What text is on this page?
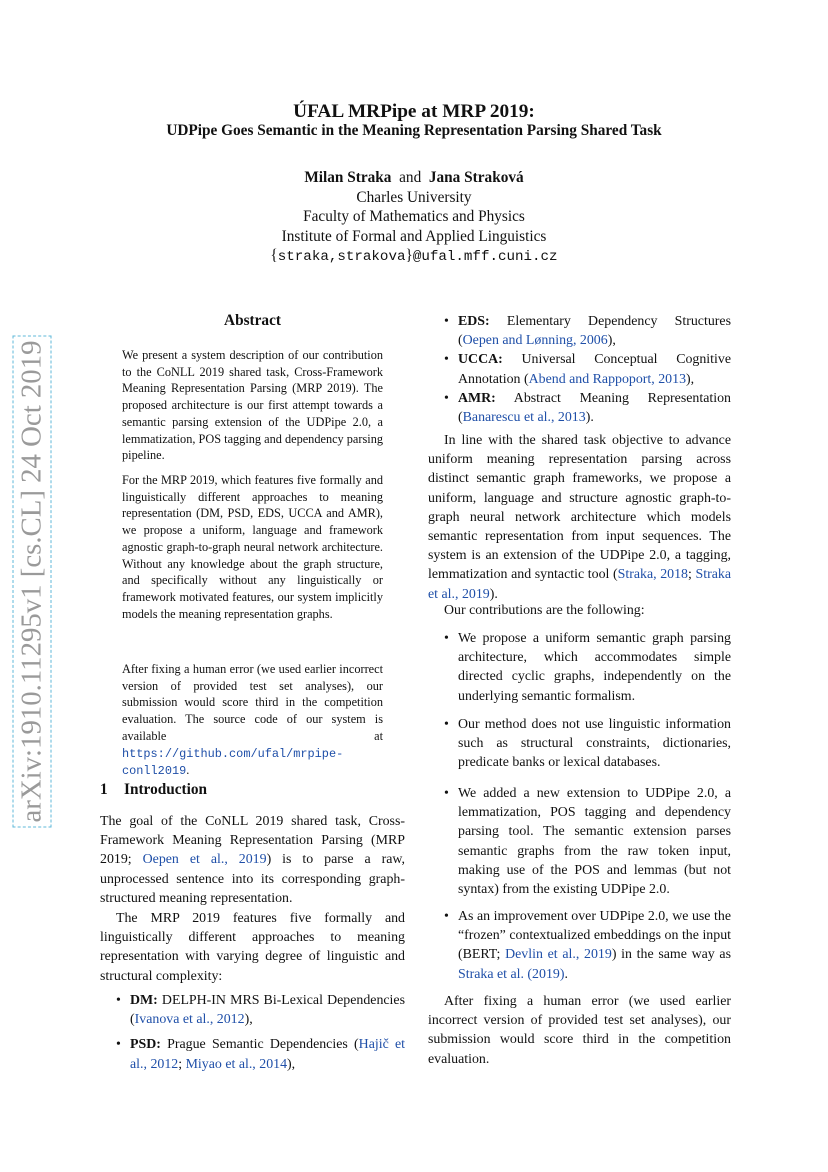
arXiv:1910.11295v1 [cs.CL] 24 Oct 2019
ÚFAL MRPipe at MRP 2019:
UDPipe Goes Semantic in the Meaning Representation Parsing Shared Task
Milan Straka and Jana Straková
Charles University
Faculty of Mathematics and Physics
Institute of Formal and Applied Linguistics
{straka,strakova}@ufal.mff.cuni.cz
Abstract

We present a system description of our contribution to the CoNLL 2019 shared task, Cross-Framework Meaning Representation Parsing (MRP 2019). The proposed architecture is our first attempt towards a semantic parsing extension of the UDPipe 2.0, a lemmatization, POS tagging and dependency parsing pipeline.

For the MRP 2019, which features five formally and linguistically different approaches to meaning representation (DM, PSD, EDS, UCCA and AMR), we propose a uniform, language and framework agnostic graph-to-graph neural network architecture. Without any knowledge about the graph structure, and specifically without any linguistically or framework motivated features, our system implicitly models the meaning representation graphs.

After fixing a human error (we used earlier incorrect version of provided test set analyses), our submission would score third in the competition evaluation. The source code of our system is available at https://github.com/ufal/mrpipe-conll2019.

1 Introduction

The goal of the CoNLL 2019 shared task, Cross-Framework Meaning Representation Parsing (MRP 2019; Oepen et al., 2019) is to parse a raw, unprocessed sentence into its corresponding graph-structured meaning representation.

The MRP 2019 features five formally and linguistically different approaches to meaning representation with varying degree of linguistic and structural complexity:

• DM: DELPH-IN MRS Bi-Lexical Dependencies (Ivanova et al., 2012),
• PSD: Prague Semantic Dependencies (Hajič et al., 2012; Miyao et al., 2014),
• EDS: Elementary Dependency Structures (Oepen and Lønning, 2006),
• UCCA: Universal Conceptual Cognitive Annotation (Abend and Rappoport, 2013),
• AMR: Abstract Meaning Representation (Banarescu et al., 2013).

In line with the shared task objective to advance uniform meaning representation parsing across distinct semantic graph frameworks, we propose a uniform, language and structure agnostic graph-to-graph neural network architecture which models semantic representation from input sequences. The system is an extension of the UDPipe 2.0, a tagging, lemmatization and syntactic tool (Straka, 2018; Straka et al., 2019).

Our contributions are the following:

• We propose a uniform semantic graph parsing architecture, which accommodates simple directed cyclic graphs, independently on the underlying semantic formalism.

• Our method does not use linguistic information such as structural constraints, dictionaries, predicate banks or lexical databases.

• We added a new extension to UDPipe 2.0, a lemmatization, POS tagging and dependency parsing tool. The semantic extension parses semantic graphs from the raw token input, making use of the POS and lemmas (but not syntax) from the existing UDPipe 2.0.

• As an improvement over UDPipe 2.0, we use the “frozen” contextualized embeddings on the input (BERT; Devlin et al., 2019) in the same way as Straka et al. (2019).

After fixing a human error (we used earlier incorrect version of provided test set analyses), our submission would score third in the competition evaluation.
